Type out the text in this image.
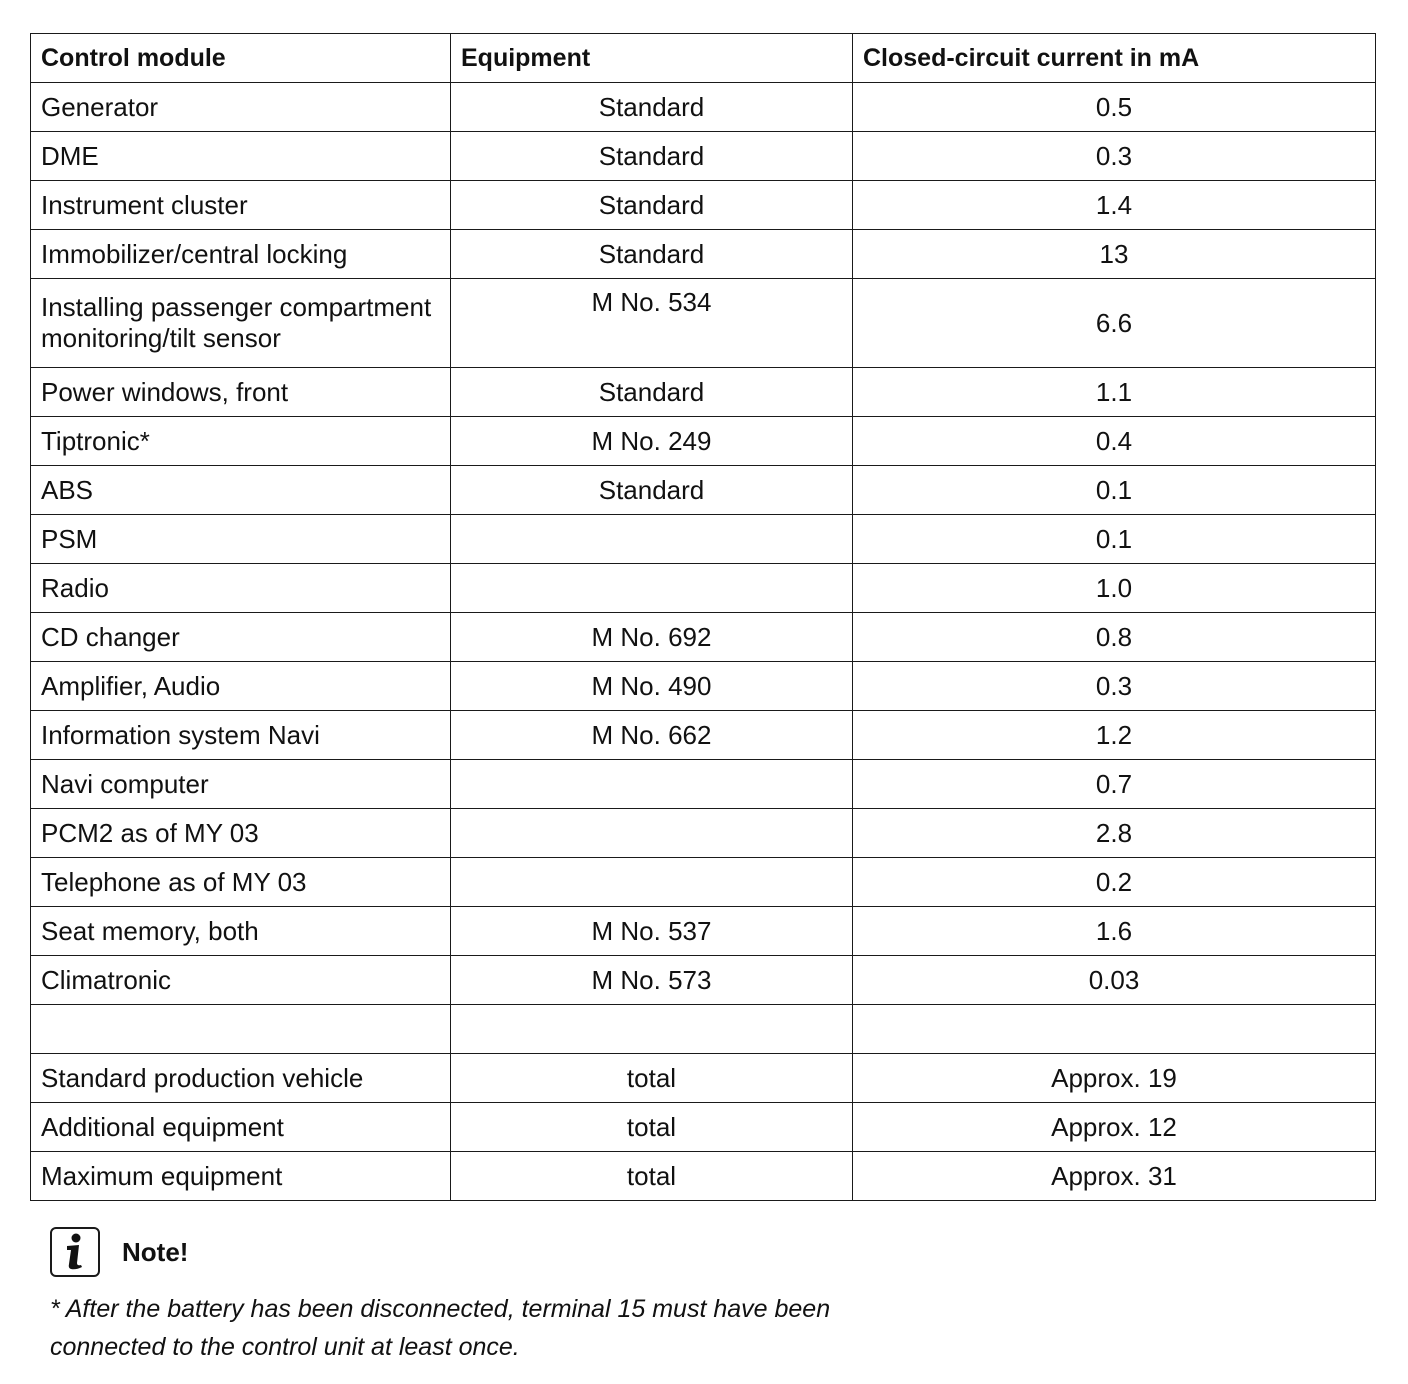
Control module	Equipment	Closed-circuit current in mA
Generator	Standard	0.5
DME	Standard	0.3
Instrument cluster	Standard	1.4
Immobilizer/central locking	Standard	13
Installing passenger compartment monitoring/tilt sensor	M No. 534	6.6
Power windows, front	Standard	1.1
Tiptronic*	M No. 249	0.4
ABS	Standard	0.1
PSM		0.1
Radio		1.0
CD changer	M No. 692	0.8
Amplifier, Audio	M No. 490	0.3
Information system Navi	M No. 662	1.2
Navi computer		0.7
PCM2 as of MY 03		2.8
Telephone as of MY 03		0.2
Seat memory, both	M No. 537	1.6
Climatronic	M No. 573	0.03

Standard production vehicle	total	Approx. 19
Additional equipment	total	Approx. 12
Maximum equipment	total	Approx. 31
Note!
* After the battery has been disconnected, terminal 15 must have been connected to the control unit at least once.
